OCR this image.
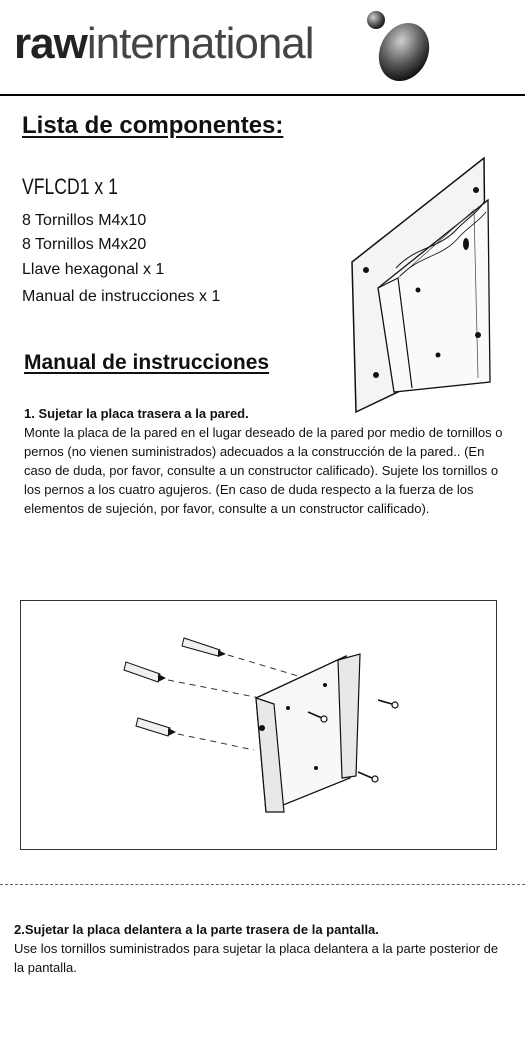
rawinternational
Lista de componentes:
VFLCD1 x 1
8 Tornillos M4x10
8 Tornillos M4x20
Llave hexagonal x 1
Manual de instrucciones x 1
Manual de instrucciones
1. Sujetar la placa trasera a la pared.
Monte la placa de la pared en el lugar deseado de la pared por medio de tornillos o pernos (no vienen suministrados) adecuados a la construcción de la pared.. (En caso de duda, por favor, consulte a un constructor calificado). Sujete los tornillos o los pernos a los cuatro agujeros. (En caso de duda respecto a la fuerza de los elementos de sujeción, por favor, consulte a un constructor calificado).
2.Sujetar la placa delantera a la parte trasera de la pantalla.
Use los tornillos suministrados para sujetar la placa delantera a la parte posterior de la pantalla.
